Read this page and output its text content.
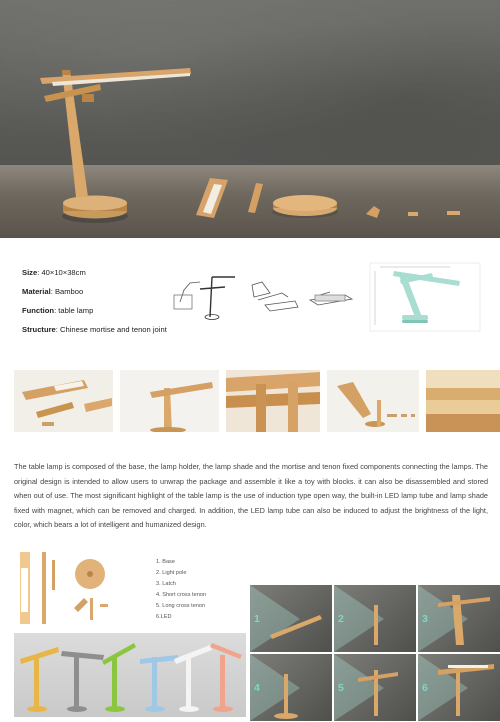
Size: 40×10×38cm
Material: Bamboo
Function: table lamp
Structure: Chinese mortise and tenon joint

The table lamp is composed of the base, the lamp holder, the lamp shade and the mortise and tenon fixed components connecting the lamps. The original design is intended to allow users to unwrap the package and assemble it like a toy with blocks. it can also be disassembled and stored when out of use. The most significant highlight of the table lamp is the use of induction type open way, the built-in LED lamp tube and lamp shade fixed with magnet, which can be removed and charged. In addition, the LED lamp tube can also be induced to adjust the brightness of the light, color, which bears a lot of intelligent and humanized design.

1. Base
2. Light pole
3. Latch
4. Short cross tenon
5. Long cross tenon
6.LED	1	2	3
4	5	6
